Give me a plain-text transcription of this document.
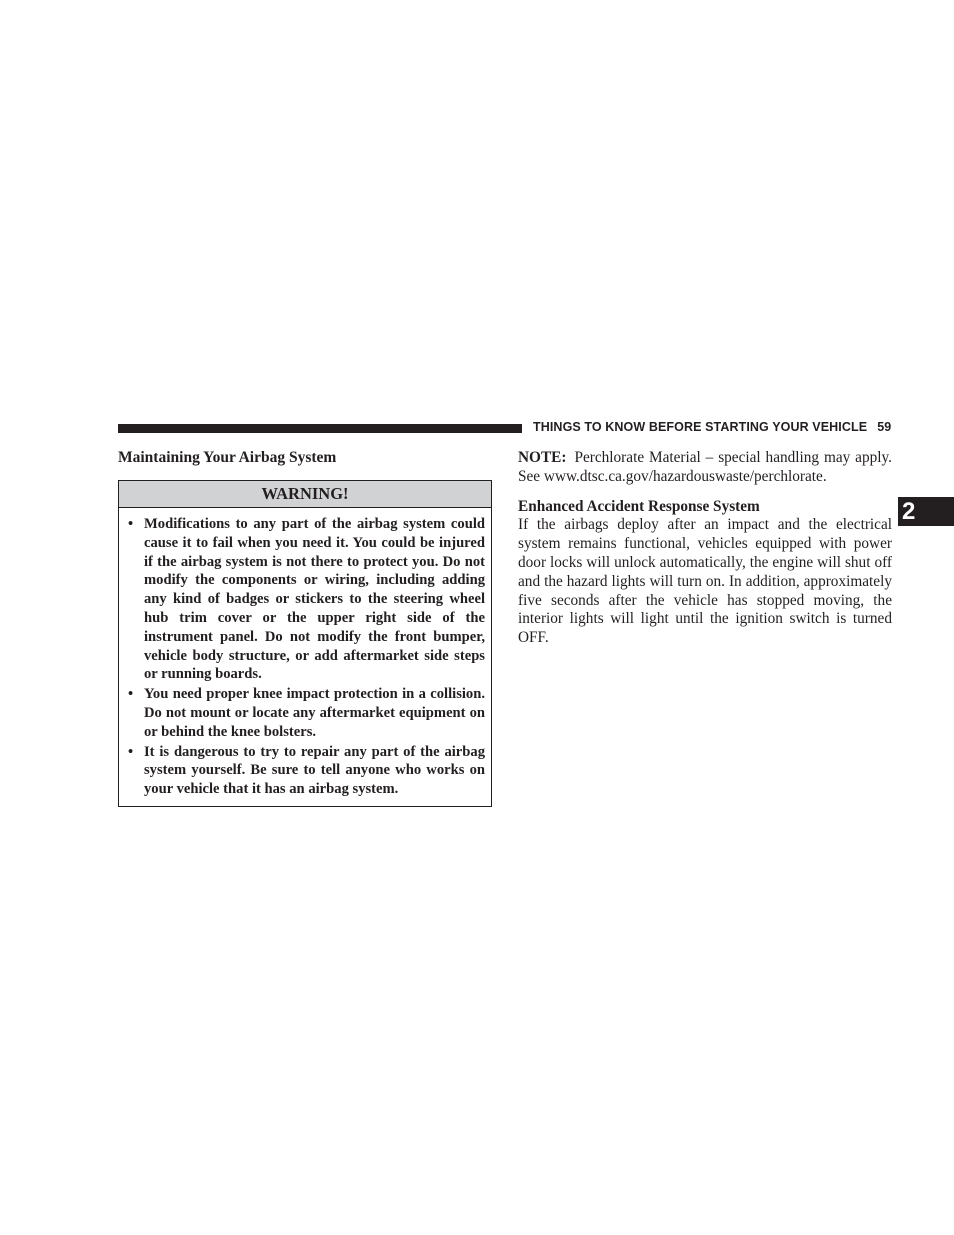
THINGS TO KNOW BEFORE STARTING YOUR VEHICLE 59
2
Maintaining Your Airbag System
WARNING!
• Modifications to any part of the airbag system could cause it to fail when you need it. You could be injured if the airbag system is not there to protect you. Do not modify the components or wiring, including adding any kind of badges or stickers to the steering wheel hub trim cover or the upper right side of the instrument panel. Do not modify the front bumper, vehicle body structure, or add aftermarket side steps or running boards.
• You need proper knee impact protection in a collision. Do not mount or locate any aftermarket equipment on or behind the knee bolsters.
• It is dangerous to try to repair any part of the airbag system yourself. Be sure to tell anyone who works on your vehicle that it has an airbag system.

NOTE: Perchlorate Material – special handling may apply. See www.dtsc.ca.gov/hazardouswaste/perchlorate.

Enhanced Accident Response System

If the airbags deploy after an impact and the electrical system remains functional, vehicles equipped with power door locks will unlock automatically, the engine will shut off and the hazard lights will turn on. In addition, approximately five seconds after the vehicle has stopped moving, the interior lights will light until the ignition switch is turned OFF.
